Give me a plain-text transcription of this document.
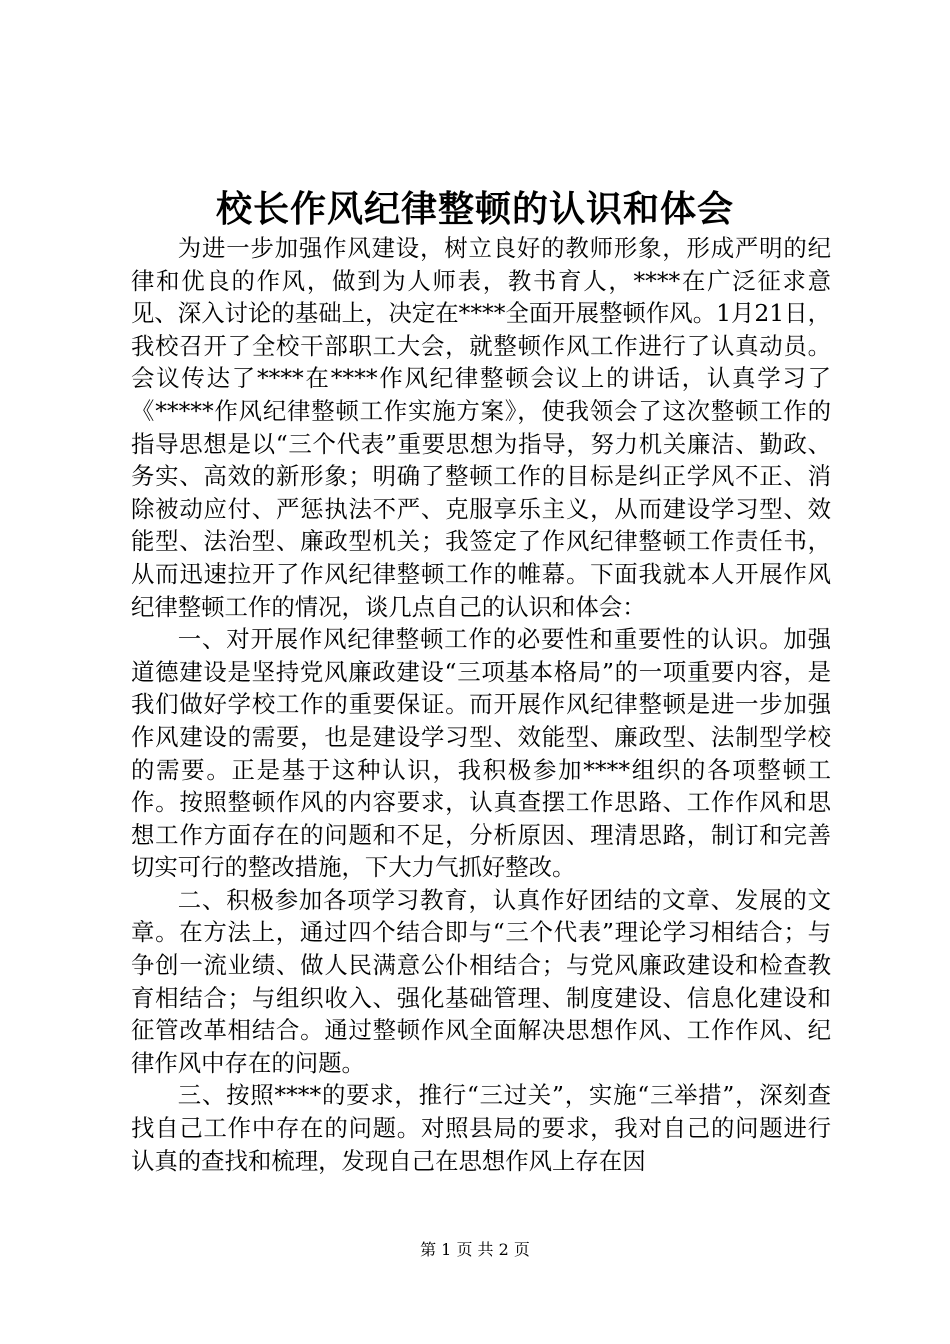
校长作风纪律整顿的认识和体会

为进一步加强作风建设，树立良好的教师形象，形成严明的纪律和优良的作风，做到为人师表，教书育人，****在广泛征求意见、深入讨论的基础上，决定在****全面开展整顿作风。1月21日，我校召开了全校干部职工大会，就整顿作风工作进行了认真动员。会议传达了****在****作风纪律整顿会议上的讲话，认真学习了《*****作风纪律整顿工作实施方案》，使我领会了这次整顿工作的指导思想是以“三个代表”重要思想为指导，努力机关廉洁、勤政、务实、高效的新形象；明确了整顿工作的目标是纠正学风不正、消除被动应付、严惩执法不严、克服享乐主义，从而建设学习型、效能型、法治型、廉政型机关；我签定了作风纪律整顿工作责任书，从而迅速拉开了作风纪律整顿工作的帷幕。下面我就本人开展作风纪律整顿工作的情况，谈几点自己的认识和体会：

一、对开展作风纪律整顿工作的必要性和重要性的认识。加强道德建设是坚持党风廉政建设“三项基本格局”的一项重要内容，是我们做好学校工作的重要保证。而开展作风纪律整顿是进一步加强作风建设的需要，也是建设学习型、效能型、廉政型、法制型学校的需要。正是基于这种认识，我积极参加****组织的各项整顿工作。按照整顿作风的内容要求，认真查摆工作思路、工作作风和思想工作方面存在的问题和不足，分析原因、理清思路，制订和完善切实可行的整改措施，下大力气抓好整改。

二、积极参加各项学习教育，认真作好团结的文章、发展的文章。在方法上，通过四个结合即与“三个代表”理论学习相结合；与争创一流业绩、做人民满意公仆相结合；与党风廉政建设和检查教育相结合；与组织收入、强化基础管理、制度建设、信息化建设和征管改革相结合。通过整顿作风全面解决思想作风、工作作风、纪律作风中存在的问题。

三、按照****的要求，推行“三过关”，实施“三举措”，深刻查找自己工作中存在的问题。对照县局的要求，我对自己的问题进行认真的查找和梳理，发现自己在思想作风上存在因

第 1 页 共 2 页
